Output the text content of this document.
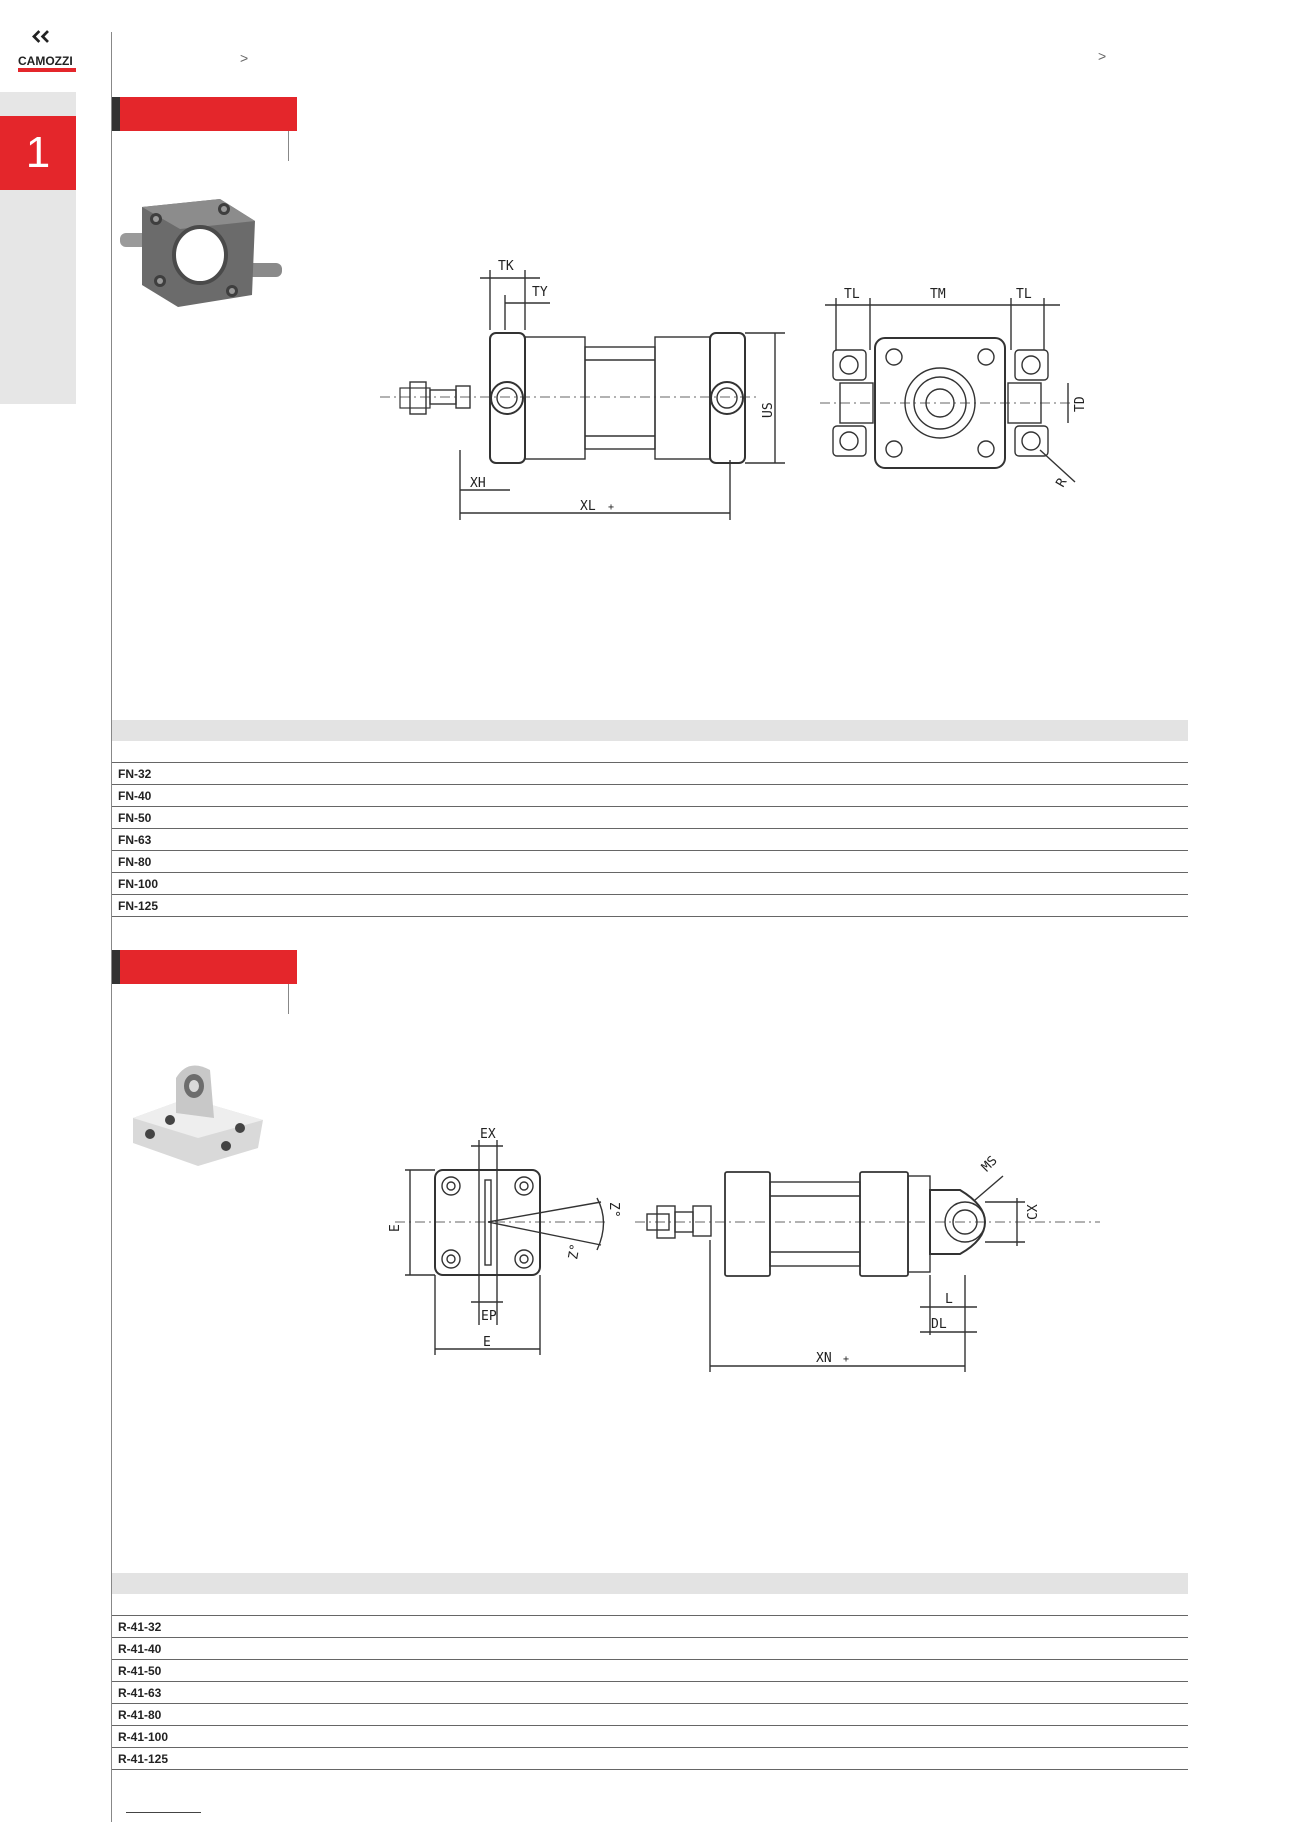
1
CAMOZZI	>	>
TK
TY
US
XH
XL +
TL	TM	TL
TD
R

FN-32
FN-40
FN-50
FN-63
FN-80
FN-100
FN-125
EX
E
EP
E
Z°
Z°
MS
CX
L
DL
XN +

R-41-32
R-41-40
R-41-50
R-41-63
R-41-80
R-41-100
R-41-125
